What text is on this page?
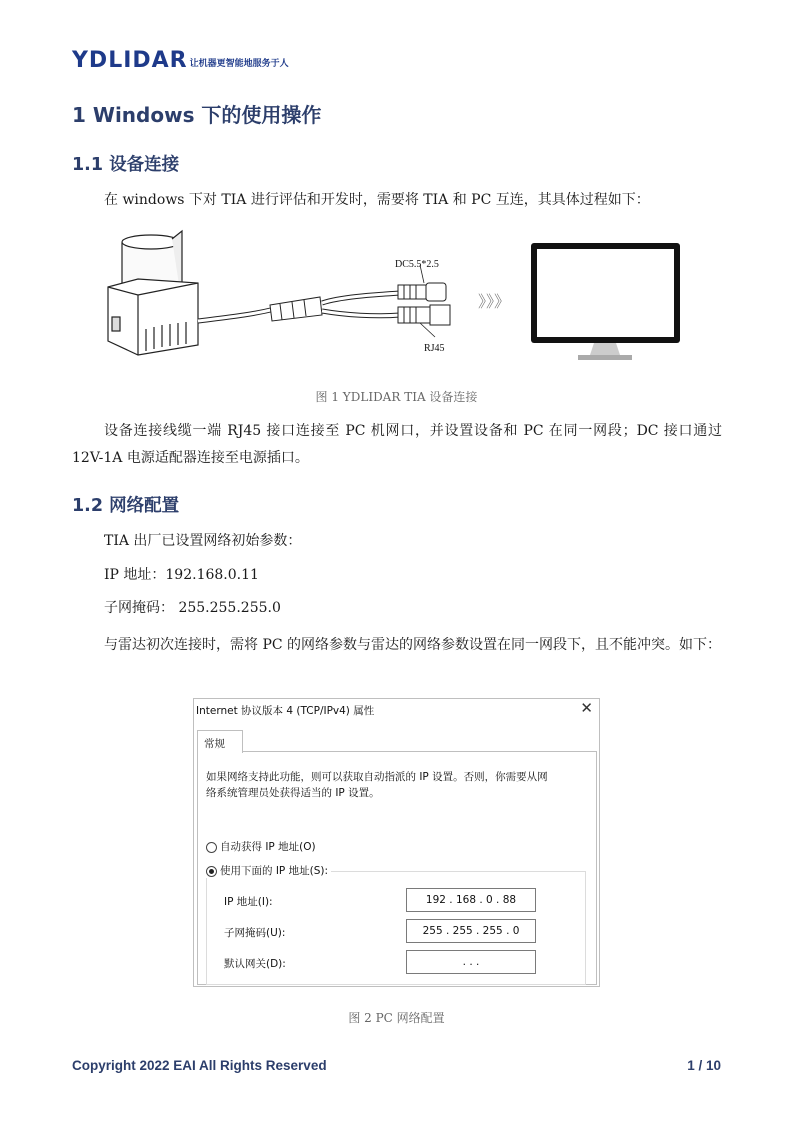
YDLIDAR 让机器更智能地服务于人
1 Windows 下的使用操作
1.1 设备连接
在 windows 下对 TIA 进行评估和开发时，需要将 TIA 和 PC 互连，其具体过程如下：
DC5.5*2.5
RJ45
》》》
图 1 YDLIDAR TIA 设备连接
设备连接线缆一端 RJ45 接口连接至 PC 机网口，并设置设备和 PC 在同一网段；DC 接口通过 12V-1A 电源适配器连接至电源插口。
1.2 网络配置
TIA 出厂已设置网络初始参数：
IP 地址：192.168.0.11
子网掩码： 255.255.255.0
与雷达初次连接时，需将 PC 的网络参数与雷达的网络参数设置在同一网段下，且不能冲突。如下：
Internet 协议版本 4 (TCP/IPv4) 属性	✕
常规
如果网络支持此功能，则可以获取自动指派的 IP 设置。否则，你需要从网
络系统管理员处获得适当的 IP 设置。
自动获得 IP 地址(O)
使用下面的 IP 地址(S):
IP 地址(I):	192 . 168 . 0 . 88
子网掩码(U):	255 . 255 . 255 . 0
默认网关(D):	. . .
图 2 PC 网络配置
Copyright 2022 EAI All Rights Reserved	1 / 10
